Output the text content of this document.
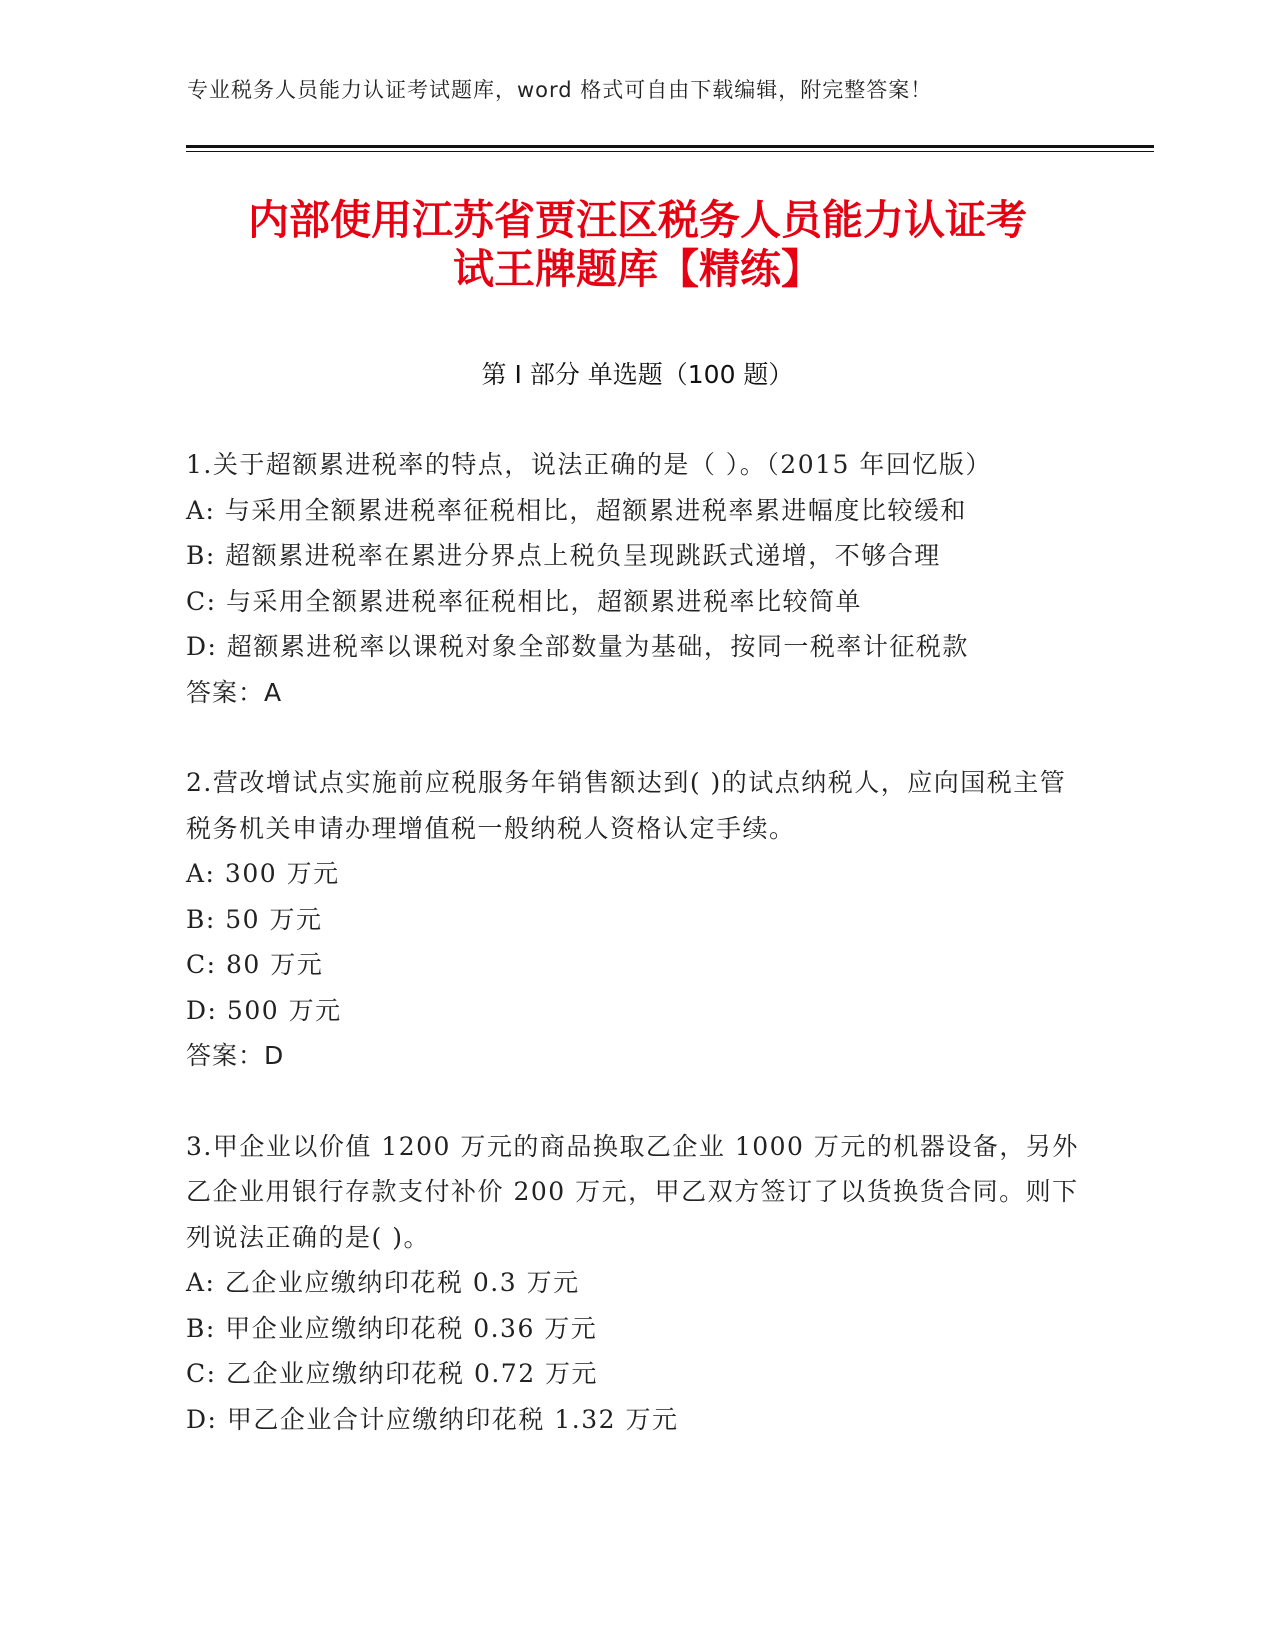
专业税务人员能力认证考试题库，word 格式可自由下载编辑，附完整答案！
内部使用江苏省贾汪区税务人员能力认证考
试王牌题库【精练】
第 I 部分 单选题（100 题）

1.关于超额累进税率的特点，说法正确的是（ ）。（2015 年回忆版）

A: 与采用全额累进税率征税相比，超额累进税率累进幅度比较缓和

B: 超额累进税率在累进分界点上税负呈现跳跃式递增，不够合理

C: 与采用全额累进税率征税相比，超额累进税率比较简单

D: 超额累进税率以课税对象全部数量为基础，按同一税率计征税款

答案：A

2.营改增试点实施前应税服务年销售额达到( )的试点纳税人，应向国税主管税务机关申请办理增值税一般纳税人资格认定手续。

A: 300 万元

B: 50 万元

C: 80 万元

D: 500 万元

答案：D

3.甲企业以价值 1200 万元的商品换取乙企业 1000 万元的机器设备，另外乙企业用银行存款支付补价 200 万元，甲乙双方签订了以货换货合同。则下列说法正确的是( )。

A: 乙企业应缴纳印花税 0.3 万元

B: 甲企业应缴纳印花税 0.36 万元

C: 乙企业应缴纳印花税 0.72 万元

D: 甲乙企业合计应缴纳印花税 1.32 万元
